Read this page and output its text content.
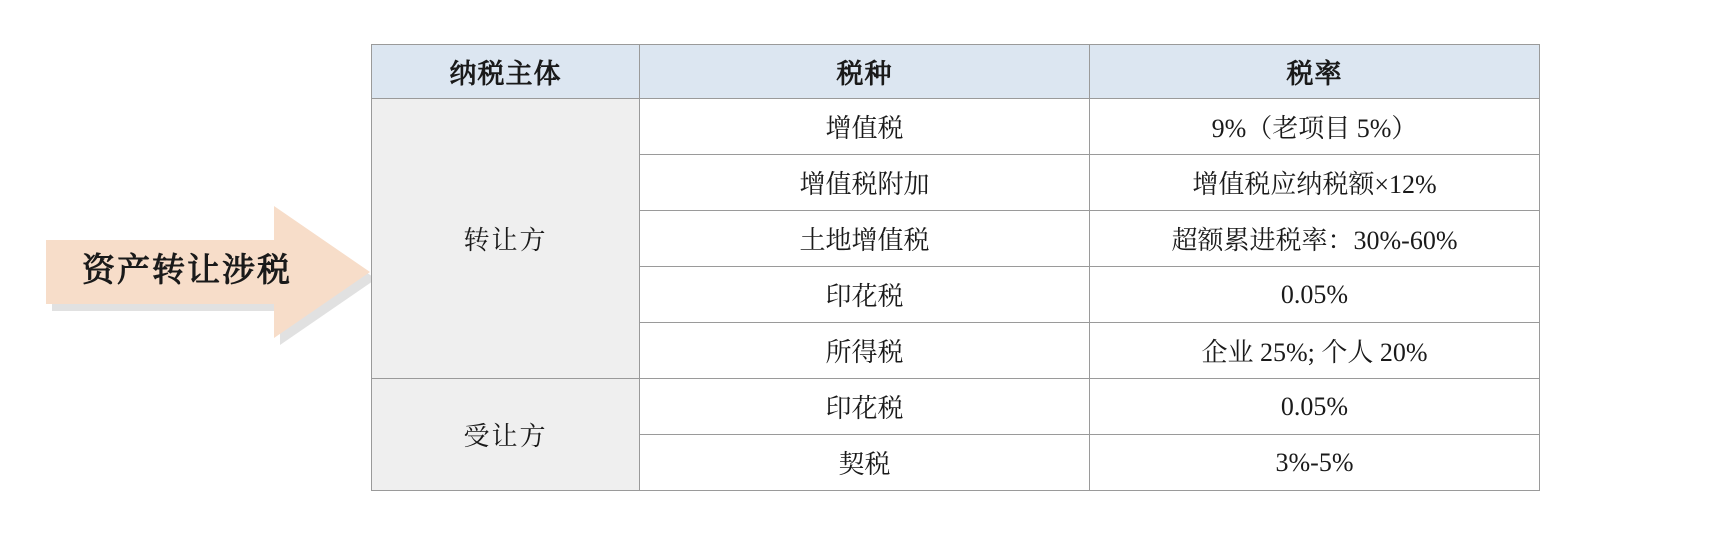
资产转让涉税
纳税主体	税种	税率
转让方	增值税	9%（老项目 5%）
	增值税附加	增值税应纳税额×12%
	土地增值税	超额累进税率：30%-60%
	印花税	0.05%
	所得税	企业 25%; 个人 20%
受让方	印花税	0.05%
	契税	3%-5%
